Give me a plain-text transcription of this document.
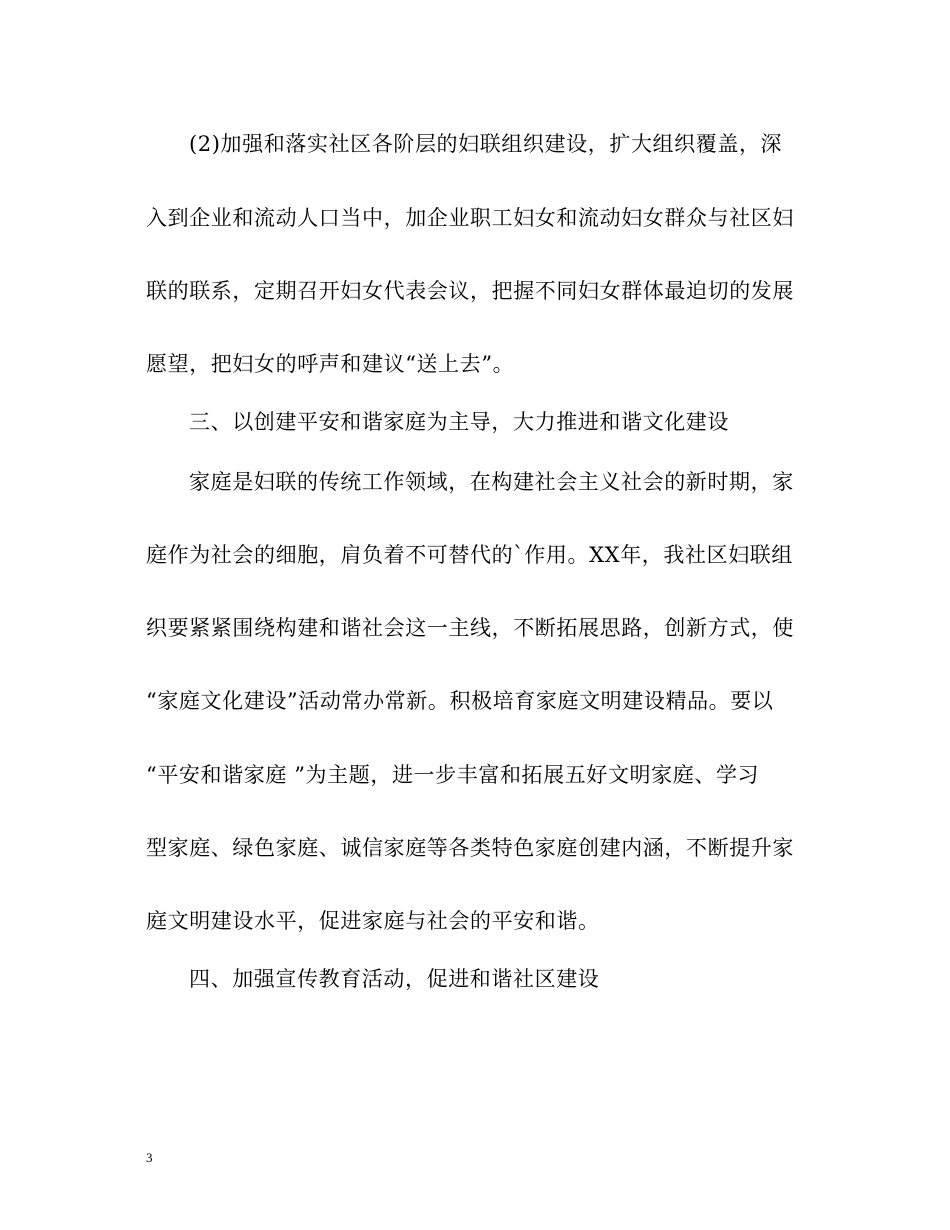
(2)加强和落实社区各阶层的妇联组织建设，扩大组织覆盖，深
入到企业和流动人口当中，加企业职工妇女和流动妇女群众与社区妇
联的联系，定期召开妇女代表会议，把握不同妇女群体最迫切的发展
愿望，把妇女的呼声和建议“送上去”。
三、以创建平安和谐家庭为主导，大力推进和谐文化建设
家庭是妇联的传统工作领域，在构建社会主义社会的新时期，家
庭作为社会的细胞，肩负着不可替代的`作用。XX年，我社区妇联组
织要紧紧围绕构建和谐社会这一主线，不断拓展思路，创新方式，使
“家庭文化建设”活动常办常新。积极培育家庭文明建设精品。要以
“平安和谐家庭 ”为主题，进一步丰富和拓展五好文明家庭、学习
型家庭、绿色家庭、诚信家庭等各类特色家庭创建内涵，不断提升家
庭文明建设水平，促进家庭与社会的平安和谐。
四、加强宣传教育活动，促进和谐社区建设
3
